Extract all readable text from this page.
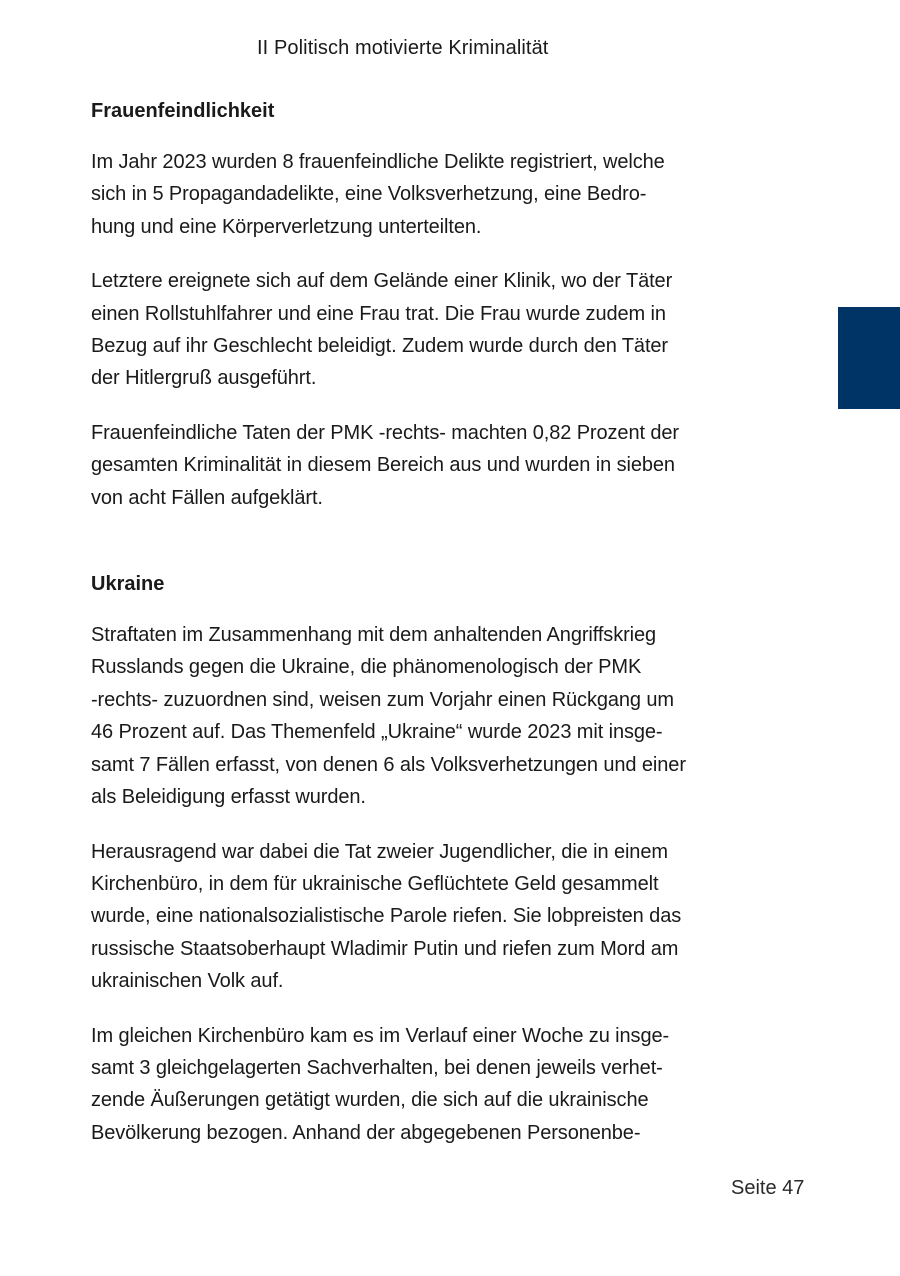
II Politisch motivierte Kriminalität
Frauenfeindlichkeit

Im Jahr 2023 wurden 8 frauenfeindliche Delikte registriert, welche
sich in 5 Propagandadelikte, eine Volksverhetzung, eine Bedro-
hung und eine Körperverletzung unterteilten.

Letztere ereignete sich auf dem Gelände einer Klinik, wo der Täter
einen Rollstuhlfahrer und eine Frau trat. Die Frau wurde zudem in
Bezug auf ihr Geschlecht beleidigt. Zudem wurde durch den Täter
der Hitlergruß ausgeführt.

Frauenfeindliche Taten der PMK -rechts- machten 0,82 Prozent der
gesamten Kriminalität in diesem Bereich aus und wurden in sieben
von acht Fällen aufgeklärt.

Ukraine

Straftaten im Zusammenhang mit dem anhaltenden Angriffskrieg
Russlands gegen die Ukraine, die phänomenologisch der PMK
-rechts- zuzuordnen sind, weisen zum Vorjahr einen Rückgang um
46 Prozent auf. Das Themenfeld „Ukraine“ wurde 2023 mit insge-
samt 7 Fällen erfasst, von denen 6 als Volksverhetzungen und einer
als Beleidigung erfasst wurden.

Herausragend war dabei die Tat zweier Jugendlicher, die in einem
Kirchenbüro, in dem für ukrainische Geflüchtete Geld gesammelt
wurde, eine nationalsozialistische Parole riefen. Sie lobpreisten das
russische Staatsoberhaupt Wladimir Putin und riefen zum Mord am
ukrainischen Volk auf.

Im gleichen Kirchenbüro kam es im Verlauf einer Woche zu insge-
samt 3 gleichgelagerten Sachverhalten, bei denen jeweils verhet-
zende Äußerungen getätigt wurden, die sich auf die ukrainische
Bevölkerung bezogen. Anhand der abgegebenen Personenbe-

Seite 47
